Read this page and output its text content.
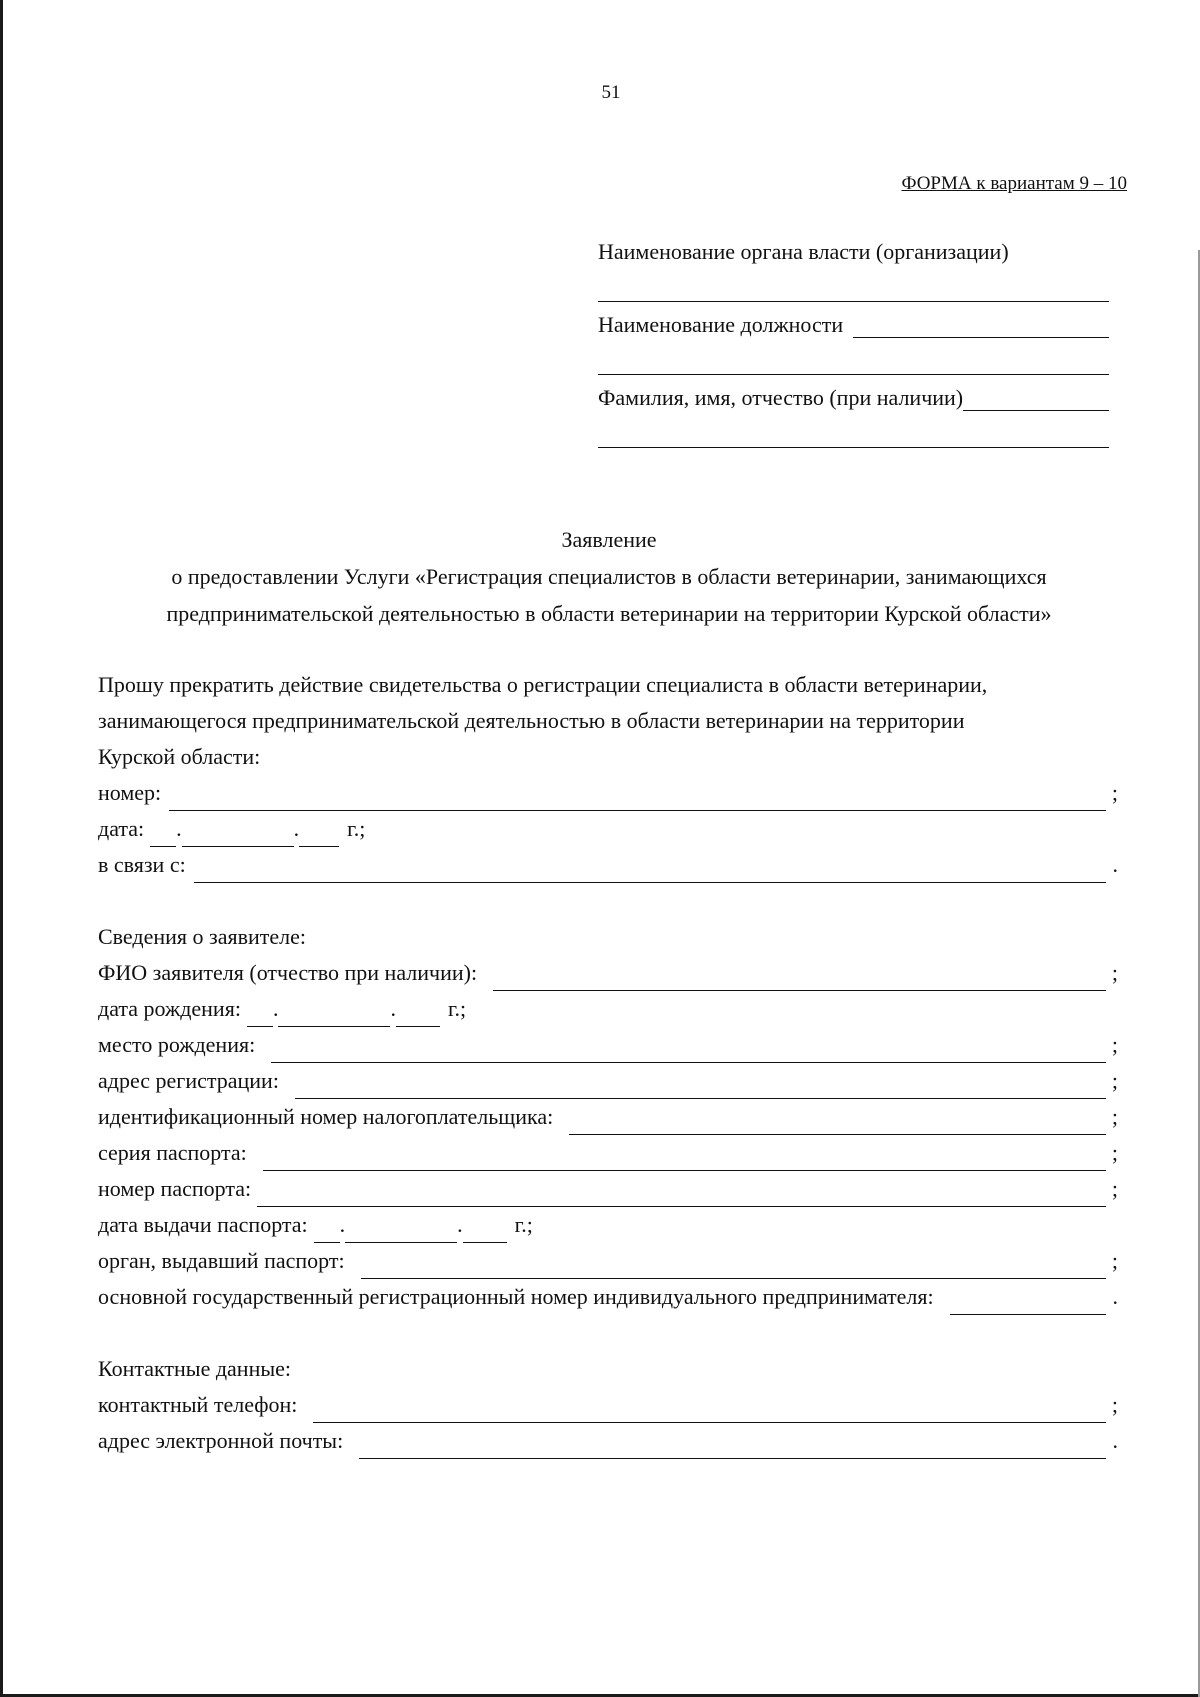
51
ФОРМА к вариантам 9 – 10
Наименование органа власти (организации)
Наименование должности
Фамилия, имя, отчество (при наличии)
Заявление
о предоставлении Услуги «Регистрация специалистов в области ветеринарии, занимающихся
предпринимательской деятельностью в области ветеринарии на территории Курской области»
Прошу прекратить действие свидетельства о регистрации специалиста в области ветеринарии,
занимающегося предпринимательской деятельностью в области ветеринарии на территории
Курской области:
номер:	;
дата: .	. г.;
в связи с:	.
Сведения о заявителе:
ФИО заявителя (отчество при наличии):	;
дата рождения: .	. г.;
место рождения:	;
адрес регистрации:	;
идентификационный номер налогоплательщика:	;
серия паспорта:	;
номер паспорта:	;
дата выдачи паспорта: .	. г.;
орган, выдавший паспорт:	;
основной государственный регистрационный номер индивидуального предпринимателя:	.
Контактные данные:
контактный телефон:	;
адрес электронной почты:	.
